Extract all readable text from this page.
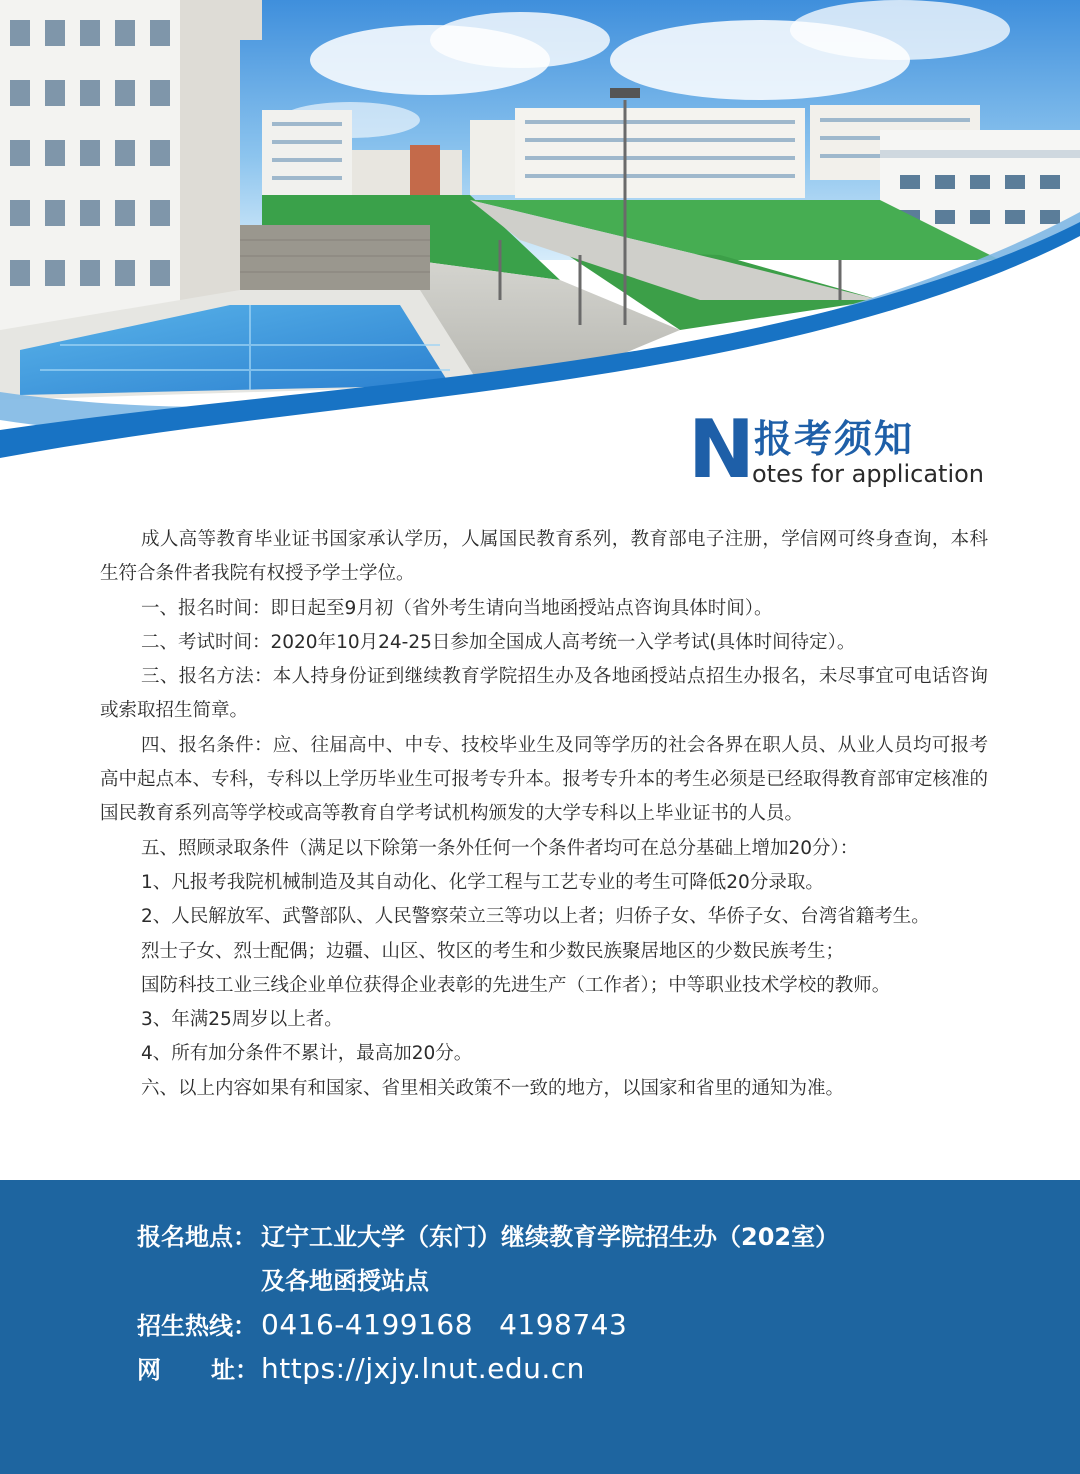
N 报考须知
otes for application

成人高等教育毕业证书国家承认学历，人属国民教育系列，教育部电子注册，学信网可终身查询，本科生符合条件者我院有权授予学士学位。

一、报名时间：即日起至9月初（省外考生请向当地函授站点咨询具体时间）。

二、考试时间：2020年10月24-25日参加全国成人高考统一入学考试(具体时间待定）。

三、报名方法：本人持身份证到继续教育学院招生办及各地函授站点招生办报名，未尽事宜可电话咨询或索取招生简章。

四、报名条件：应、往届高中、中专、技校毕业生及同等学历的社会各界在职人员、从业人员均可报考高中起点本、专科，专科以上学历毕业生可报考专升本。报考专升本的考生必须是已经取得教育部审定核准的国民教育系列高等学校或高等教育自学考试机构颁发的大学专科以上毕业证书的人员。

五、照顾录取条件（满足以下除第一条外任何一个条件者均可在总分基础上增加20分）：

1、凡报考我院机械制造及其自动化、化学工程与工艺专业的考生可降低20分录取。

2、人民解放军、武警部队、人民警察荣立三等功以上者；归侨子女、华侨子女、台湾省籍考生。

烈士子女、烈士配偶；边疆、山区、牧区的考生和少数民族聚居地区的少数民族考生；

国防科技工业三线企业单位获得企业表彰的先进生产（工作者）；中等职业技术学校的教师。

3、年满25周岁以上者。

4、所有加分条件不累计，最高加20分。

六、以上内容如果有和国家、省里相关政策不一致的地方，以国家和省里的通知为准。

报名地点： 辽宁工业大学（东门）继续教育学院招生办（202室）
及各地函授站点
招生热线： 0416-4199168 4198743
网 址：https://jxjy.lnut.edu.cn
